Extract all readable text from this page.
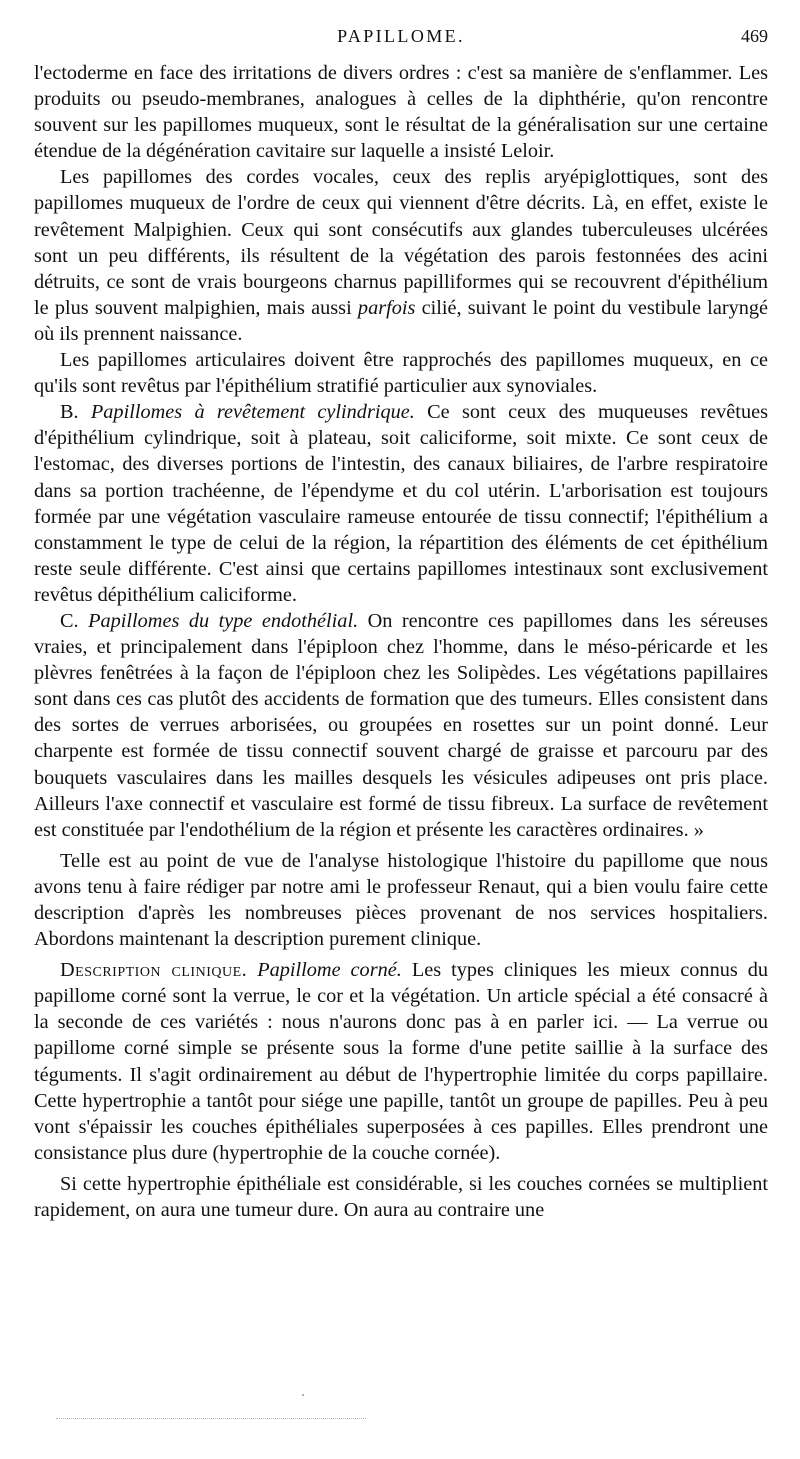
PAPILLOME.	469

l'ectoderme en face des irritations de divers ordres : c'est sa manière de s'enflammer. Les produits ou pseudo-membranes, analogues à celles de la diphthérie, qu'on rencontre souvent sur les papillomes muqueux, sont le résultat de la généralisation sur une certaine étendue de la dégénération cavitaire sur laquelle a insisté Leloir.

Les papillomes des cordes vocales, ceux des replis aryépiglottiques, sont des papillomes muqueux de l'ordre de ceux qui viennent d'être décrits. Là, en effet, existe le revêtement Malpighien. Ceux qui sont consécutifs aux glandes tuberculeuses ulcérées sont un peu différents, ils résultent de la végétation des parois festonnées des acini détruits, ce sont de vrais bourgeons charnus papilliformes qui se recouvrent d'épithélium le plus souvent malpighien, mais aussi parfois cilié, suivant le point du vestibule laryngé où ils prennent naissance.

Les papillomes articulaires doivent être rapprochés des papillomes muqueux, en ce qu'ils sont revêtus par l'épithélium stratifié particulier aux synoviales.

B. Papillomes à revêtement cylindrique. Ce sont ceux des muqueuses revêtues d'épithélium cylindrique, soit à plateau, soit caliciforme, soit mixte. Ce sont ceux de l'estomac, des diverses portions de l'intestin, des canaux biliaires, de l'arbre respiratoire dans sa portion trachéenne, de l'épendyme et du col utérin. L'arborisation est toujours formée par une végétation vasculaire rameuse entourée de tissu connectif; l'épithélium a constamment le type de celui de la région, la répartition des éléments de cet épithélium reste seule différente. C'est ainsi que certains papillomes intestinaux sont exclusivement revêtus dépithélium caliciforme.

C. Papillomes du type endothélial. On rencontre ces papillomes dans les séreuses vraies, et principalement dans l'épiploon chez l'homme, dans le méso-péricarde et les plèvres fenêtrées à la façon de l'épiploon chez les Solipèdes. Les végétations papillaires sont dans ces cas plutôt des accidents de formation que des tumeurs. Elles consistent dans des sortes de verrues arborisées, ou groupées en rosettes sur un point donné. Leur charpente est formée de tissu connectif souvent chargé de graisse et parcouru par des bouquets vasculaires dans les mailles desquels les vésicules adipeuses ont pris place. Ailleurs l'axe connectif et vasculaire est formé de tissu fibreux. La surface de revêtement est constituée par l'endothélium de la région et présente les caractères ordinaires. »

Telle est au point de vue de l'analyse histologique l'histoire du papillome que nous avons tenu à faire rédiger par notre ami le professeur Renaut, qui a bien voulu faire cette description d'après les nombreuses pièces provenant de nos services hospitaliers. Abordons maintenant la description purement clinique.

Description clinique. Papillome corné. Les types cliniques les mieux connus du papillome corné sont la verrue, le cor et la végétation. Un article spécial a été consacré à la seconde de ces variétés : nous n'aurons donc pas à en parler ici. — La verrue ou papillome corné simple se présente sous la forme d'une petite saillie à la surface des téguments. Il s'agit ordinairement au début de l'hypertrophie limitée du corps papillaire. Cette hypertrophie a tantôt pour siége une papille, tantôt un groupe de papilles. Peu à peu vont s'épaissir les couches épithéliales superposées à ces papilles. Elles prendront une consistance plus dure (hypertrophie de la couche cornée).

Si cette hypertrophie épithéliale est considérable, si les couches cornées se multiplient rapidement, on aura une tumeur dure. On aura au contraire une
